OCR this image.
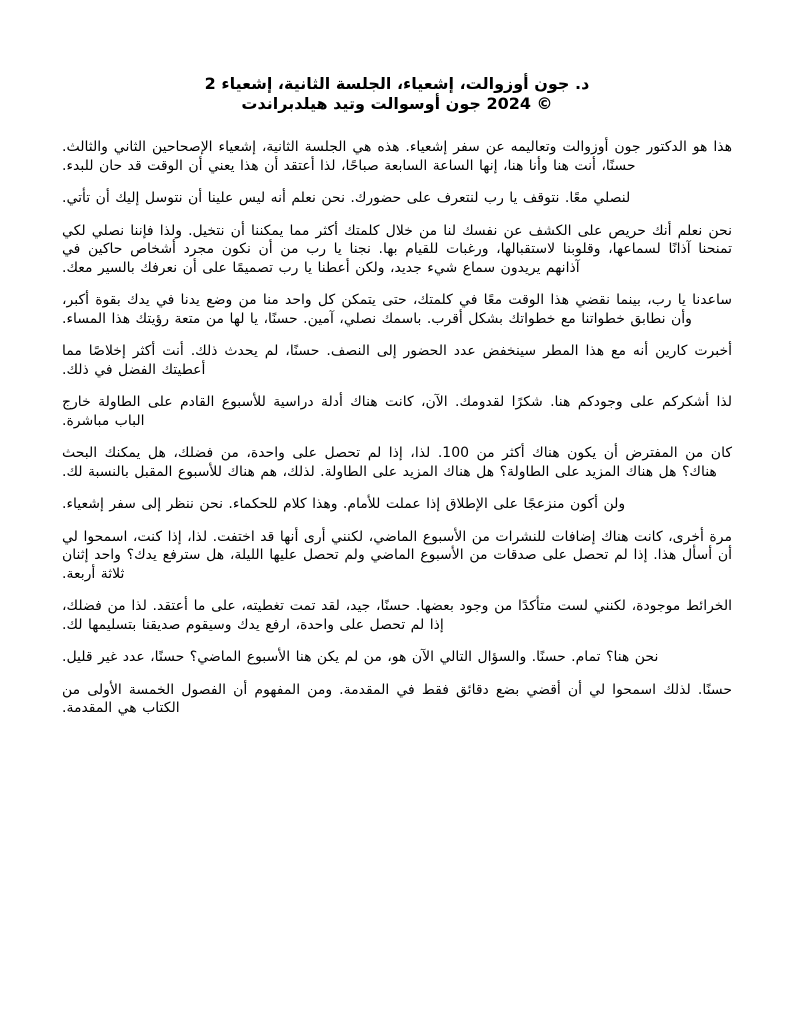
د. جون أوزوالت، إشعياء، الجلسة الثانية، إشعياء 2
© 2024 جون أوسوالت وتيد هيلدبراندت

هذا هو الدكتور جون أوزوالت وتعاليمه عن سفر إشعياء. هذه هي الجلسة الثانية، إشعياء الإصحاحين الثاني والثالث. حسنًا، أنت هنا وأنا هنا، إنها الساعة السابعة صباحًا، لذا أعتقد أن هذا يعني أن الوقت قد حان للبدء.

لنصلي معًا. نتوقف يا رب لنتعرف على حضورك. نحن نعلم أنه ليس علينا أن نتوسل إليك أن تأتي.

نحن نعلم أنك حريص على الكشف عن نفسك لنا من خلال كلمتك أكثر مما يمكننا أن نتخيل. ولذا فإننا نصلي لكي تمنحنا آذانًا لسماعها، وقلوبنا لاستقبالها، ورغبات للقيام بها. نجنا يا رب من أن نكون مجرد أشخاص حاكين في آذانهم يريدون سماع شيء جديد، ولكن أعطنا يا رب تصميمًا على أن نعرفك بالسير معك.

ساعدنا يا رب، بينما نقضي هذا الوقت معًا في كلمتك، حتى يتمكن كل واحد منا من وضع يدنا في يدك بقوة أكبر، وأن نطابق خطواتنا مع خطواتك بشكل أقرب. باسمك نصلي، آمين. حسنًا، يا لها من متعة رؤيتك هذا المساء.

أخبرت كارين أنه مع هذا المطر سينخفض عدد الحضور إلى النصف. حسنًا، لم يحدث ذلك. أنت أكثر إخلاصًا مما أعطيتك الفضل في ذلك.

لذا أشكركم على وجودكم هنا. شكرًا لقدومك. الآن، كانت هناك أدلة دراسية للأسبوع القادم على الطاولة خارج الباب مباشرة.

كان من المفترض أن يكون هناك أكثر من 100. لذا، إذا لم تحصل على واحدة، من فضلك، هل يمكنك البحث هناك؟ هل هناك المزيد على الطاولة؟ هل هناك المزيد على الطاولة. لذلك، هم هناك للأسبوع المقبل بالنسبة لك.

ولن أكون منزعجًا على الإطلاق إذا عملت للأمام. وهذا كلام للحكماء. نحن ننظر إلى سفر إشعياء.

مرة أخرى، كانت هناك إضافات للنشرات من الأسبوع الماضي، لكنني أرى أنها قد اختفت. لذا، إذا كنت، اسمحوا لي أن أسأل هذا. إذا لم تحصل على صدقات من الأسبوع الماضي ولم تحصل عليها الليلة، هل سترفع يدك؟ واحد إثنان ثلاثة أربعة.

الخرائط موجودة، لكنني لست متأكدًا من وجود بعضها. حسنًا، جيد، لقد تمت تغطيته، على ما أعتقد. لذا من فضلك، إذا لم تحصل على واحدة، ارفع يدك وسيقوم صديقنا بتسليمها لك.

نحن هنا؟ تمام. حسنًا. والسؤال التالي الآن هو، من لم يكن هنا الأسبوع الماضي؟ حسنًا، عدد غير قليل.

حسنًا. لذلك اسمحوا لي أن أقضي بضع دقائق فقط في المقدمة. ومن المفهوم أن الفصول الخمسة الأولى من الكتاب هي المقدمة.
